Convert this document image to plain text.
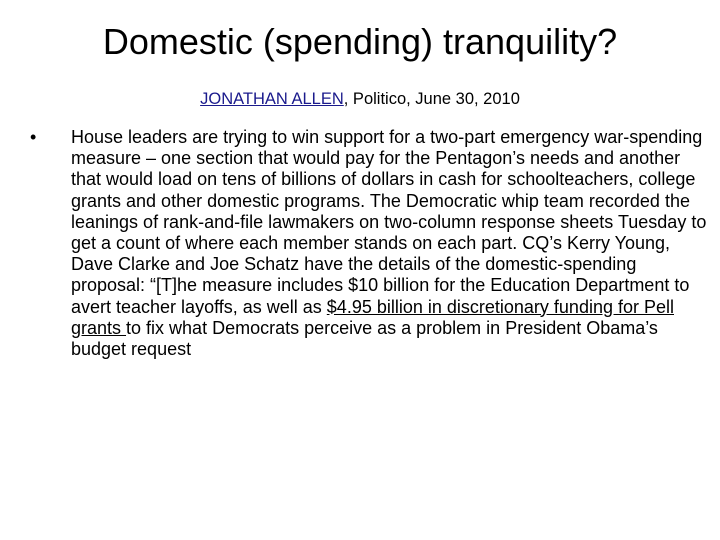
Domestic (spending) tranquility?
JONATHAN ALLEN, Politico, June 30, 2010
• House leaders are trying to win support for a two-part emergency war-spending measure – one section that would pay for the Pentagon’s needs and another that would load on tens of billions of dollars in cash for schoolteachers, college grants and other domestic programs. The Democratic whip team recorded the leanings of rank-and-file lawmakers on two-column response sheets Tuesday to get a count of where each member stands on each part. CQ’s Kerry Young, Dave Clarke and Joe Schatz have the details of the domestic-spending proposal: “[T]he measure includes $10 billion for the Education Department to avert teacher layoffs, as well as $4.95 billion in discretionary funding for Pell grants to fix what Democrats perceive as a problem in President Obama’s budget request
